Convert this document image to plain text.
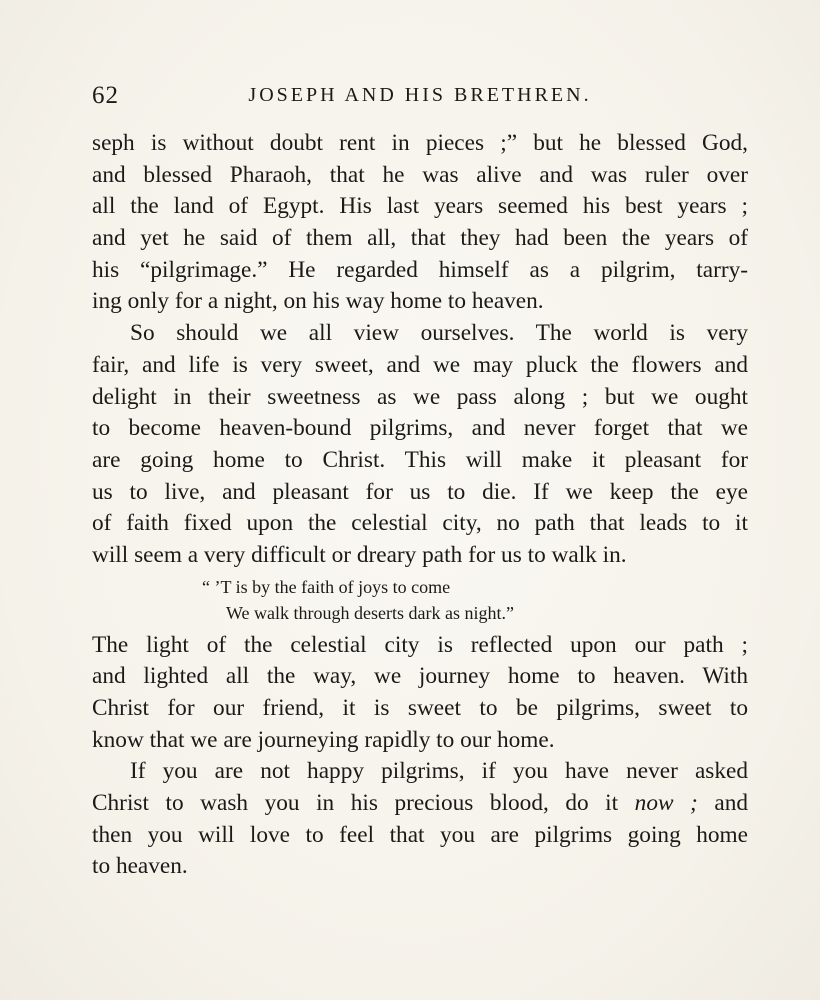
62	JOSEPH AND HIS BRETHREN.
seph is without doubt rent in pieces ;” but he blessed God,
and blessed Pharaoh, that he was alive and was ruler over
all the land of Egypt. His last years seemed his best years ;
and yet he said of them all, that they had been the years of
his “pilgrimage.” He regarded himself as a pilgrim, tarry-
ing only for a night, on his way home to heaven.
So should we all view ourselves. The world is very
fair, and life is very sweet, and we may pluck the flowers and
delight in their sweetness as we pass along ; but we ought
to become heaven-bound pilgrims, and never forget that we
are going home to Christ. This will make it pleasant for
us to live, and pleasant for us to die. If we keep the eye
of faith fixed upon the celestial city, no path that leads to it
will seem a very difficult or dreary path for us to walk in.
“ ’T is by the faith of joys to come
We walk through deserts dark as night.”
The light of the celestial city is reflected upon our path ;
and lighted all the way, we journey home to heaven. With
Christ for our friend, it is sweet to be pilgrims, sweet to
know that we are journeying rapidly to our home.
If you are not happy pilgrims, if you have never asked
Christ to wash you in his precious blood, do it now ; and
then you will love to feel that you are pilgrims going home
to heaven.
